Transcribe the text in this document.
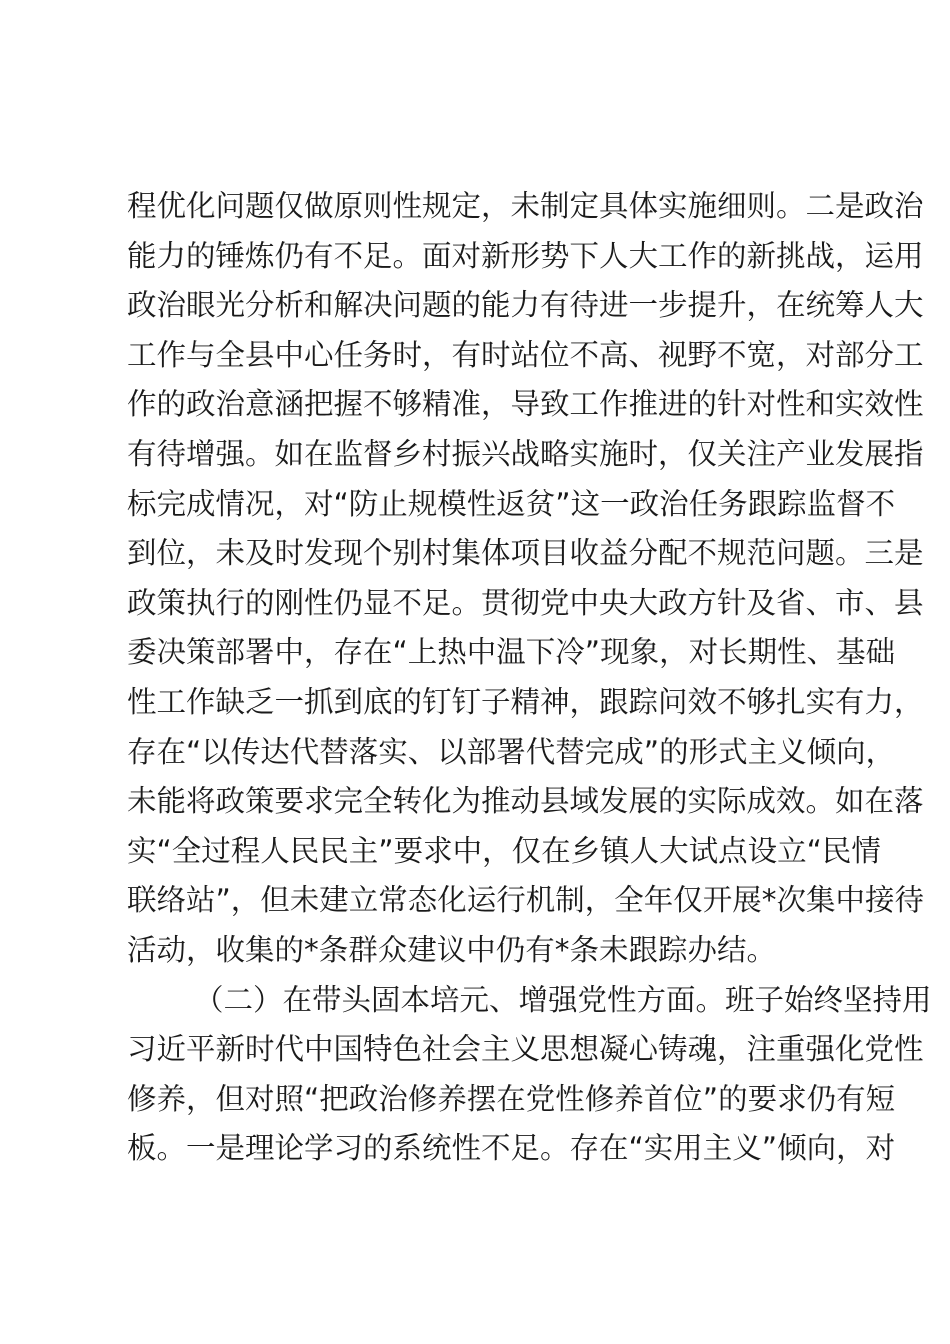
程优化问题仅做原则性规定，未制定具体实施细则。二是政治
能力的锤炼仍有不足。面对新形势下人大工作的新挑战，运用
政治眼光分析和解决问题的能力有待进一步提升，在统筹人大
工作与全县中心任务时，有时站位不高、视野不宽，对部分工
作的政治意涵把握不够精准，导致工作推进的针对性和实效性
有待增强。如在监督乡村振兴战略实施时，仅关注产业发展指
标完成情况，对“防止规模性返贫”这一政治任务跟踪监督不
到位，未及时发现个别村集体项目收益分配不规范问题。三是
政策执行的刚性仍显不足。贯彻党中央大政方针及省、市、县
委决策部署中，存在“上热中温下冷”现象，对长期性、基础
性工作缺乏一抓到底的钉钉子精神，跟踪问效不够扎实有力，
存在“以传达代替落实、以部署代替完成”的形式主义倾向，
未能将政策要求完全转化为推动县域发展的实际成效。如在落
实“全过程人民民主”要求中，仅在乡镇人大试点设立“民情
联络站”，但未建立常态化运行机制，全年仅开展*次集中接待
活动，收集的*条群众建议中仍有*条未跟踪办结。
（二）在带头固本培元、增强党性方面。班子始终坚持用
习近平新时代中国特色社会主义思想凝心铸魂，注重强化党性
修养，但对照“把政治修养摆在党性修养首位”的要求仍有短
板。一是理论学习的系统性不足。存在“实用主义”倾向，对
